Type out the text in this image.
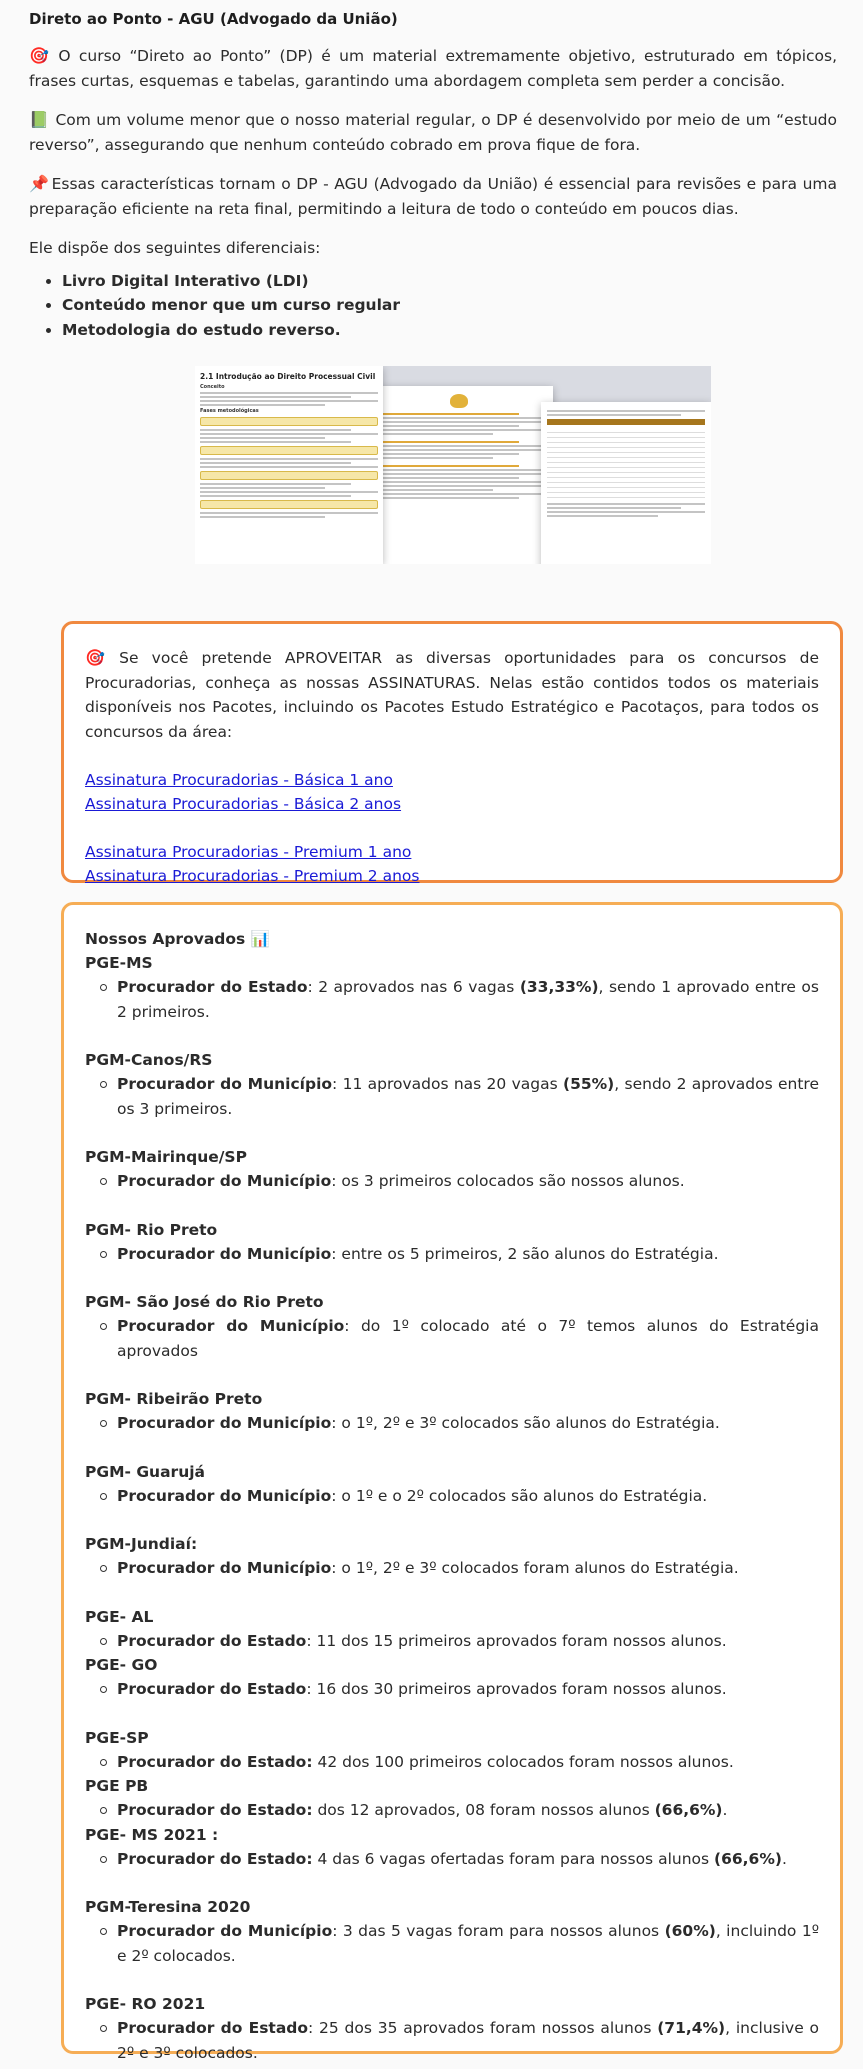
Direto ao Ponto - AGU (Advogado da União)

🎯 O curso “Direto ao Ponto” (DP) é um material extremamente objetivo, estruturado em tópicos, frases curtas, esquemas e tabelas, garantindo uma abordagem completa sem perder a concisão.

📗 Com um volume menor que o nosso material regular, o DP é desenvolvido por meio de um “estudo reverso”, assegurando que nenhum conteúdo cobrado em prova fique de fora.

📌 Essas características tornam o DP - AGU (Advogado da União) é essencial para revisões e para uma preparação eficiente na reta final, permitindo a leitura de todo o conteúdo em poucos dias.

Ele dispõe dos seguintes diferenciais:

• Livro Digital Interativo (LDI)
• Conteúdo menor que um curso regular
• Metodologia do estudo reverso.
2.1 Introdução ao Direito Processual Civil
Conceito
Fases metodológicas

🎯 Se você pretende APROVEITAR as diversas oportunidades para os concursos de Procuradorias, conheça as nossas ASSINATURAS. Nelas estão contidos todos os materiais disponíveis nos Pacotes, incluindo os Pacotes Estudo Estratégico e Pacotaços, para todos os concursos da área:

Assinatura Procuradorias - Básica 1 ano
Assinatura Procuradorias - Básica 2 anos
Assinatura Procuradorias - Premium 1 ano
Assinatura Procuradorias - Premium 2 anos
Nossos Aprovados 📊
PGE-MS
Procurador do Estado: 2 aprovados nas 6 vagas (33,33%), sendo 1 aprovado entre os 2 primeiros.
PGM-Canos/RS
Procurador do Município: 11 aprovados nas 20 vagas (55%), sendo 2 aprovados entre os 3 primeiros.
PGM-Mairinque/SP
Procurador do Município: os 3 primeiros colocados são nossos alunos.
PGM- Rio Preto
Procurador do Município: entre os 5 primeiros, 2 são alunos do Estratégia.
PGM- São José do Rio Preto
Procurador do Município: do 1º colocado até o 7º temos alunos do Estratégia aprovados
PGM- Ribeirão Preto
Procurador do Município: o 1º, 2º e 3º colocados são alunos do Estratégia.
PGM- Guarujá
Procurador do Município: o 1º e o 2º colocados são alunos do Estratégia.
PGM-Jundiaí:
Procurador do Município: o 1º, 2º e 3º colocados foram alunos do Estratégia.
PGE- AL
Procurador do Estado: 11 dos 15 primeiros aprovados foram nossos alunos.
PGE- GO
Procurador do Estado: 16 dos 30 primeiros aprovados foram nossos alunos.
PGE-SP
Procurador do Estado: 42 dos 100 primeiros colocados foram nossos alunos.
PGE PB
Procurador do Estado: dos 12 aprovados, 08 foram nossos alunos (66,6%).
PGE- MS 2021 :
Procurador do Estado: 4 das 6 vagas ofertadas foram para nossos alunos (66,6%).
PGM-Teresina 2020
Procurador do Município: 3 das 5 vagas foram para nossos alunos (60%), incluindo 1º e 2º colocados.
PGE- RO 2021
Procurador do Estado: 25 dos 35 aprovados foram nossos alunos (71,4%), inclusive o 2º e 3º colocados.
